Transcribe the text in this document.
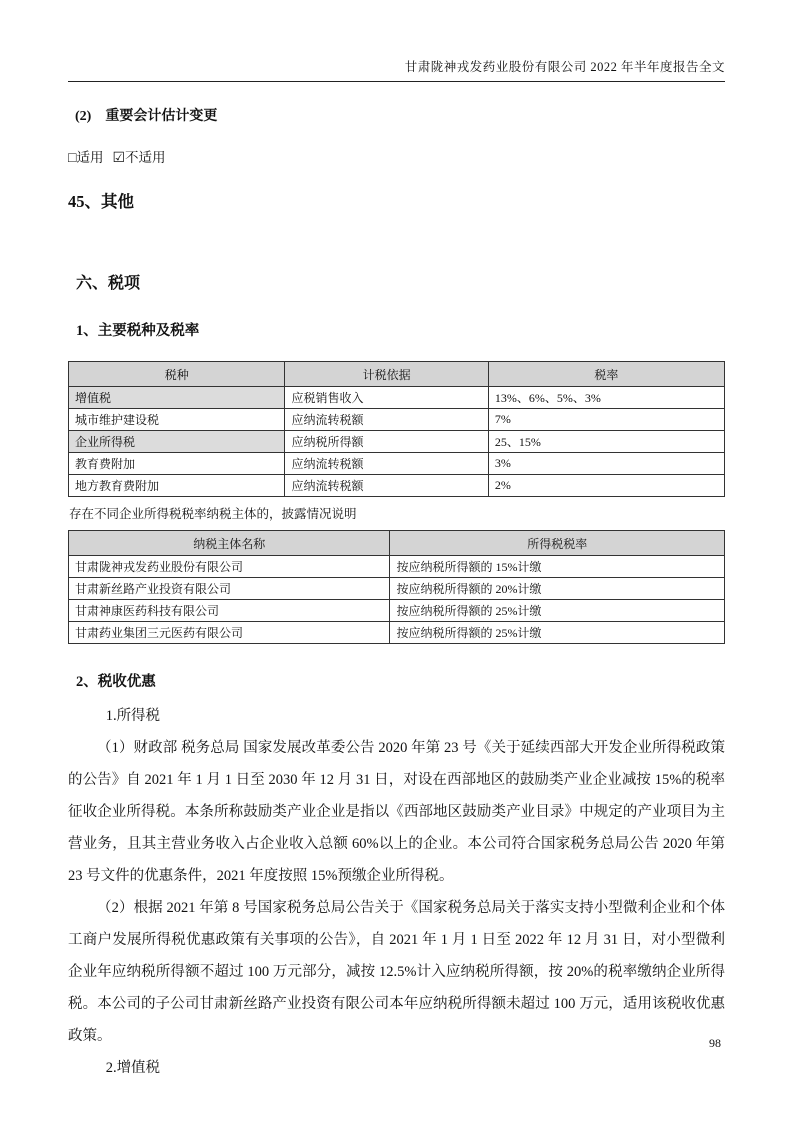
甘肃陇神戎发药业股份有限公司 2022 年半年度报告全文
(2)　重要会计估计变更
□适用 ☑不适用
45、其他
六、税项
1、主要税种及税率
税种	计税依据	税率
增值税	应税销售收入	13%、6%、5%、3%
城市维护建设税	应纳流转税额	7%
企业所得税	应纳税所得额	25、15%
教育费附加	应纳流转税额	3%
地方教育费附加	应纳流转税额	2%
存在不同企业所得税税率纳税主体的，披露情况说明
纳税主体名称	所得税税率
甘肃陇神戎发药业股份有限公司	按应纳税所得额的 15%计缴
甘肃新丝路产业投资有限公司	按应纳税所得额的 20%计缴
甘肃神康医药科技有限公司	按应纳税所得额的 25%计缴
甘肃药业集团三元医药有限公司	按应纳税所得额的 25%计缴
2、税收优惠

1.所得税

（1）财政部 税务总局 国家发展改革委公告 2020 年第 23 号《关于延续西部大开发企业所得税政策的公告》自 2021 年 1 月 1 日至 2030 年 12 月 31 日，对设在西部地区的鼓励类产业企业减按 15%的税率征收企业所得税。本条所称鼓励类产业企业是指以《西部地区鼓励类产业目录》中规定的产业项目为主营业务，且其主营业务收入占企业收入总额 60%以上的企业。本公司符合国家税务总局公告 2020 年第 23 号文件的优惠条件，2021 年度按照 15%预缴企业所得税。

（2）根据 2021 年第 8 号国家税务总局公告关于《国家税务总局关于落实支持小型微利企业和个体工商户发展所得税优惠政策有关事项的公告》，自 2021 年 1 月 1 日至 2022 年 12 月 31 日，对小型微利企业年应纳税所得额不超过 100 万元部分，减按 12.5%计入应纳税所得额，按 20%的税率缴纳企业所得税。本公司的子公司甘肃新丝路产业投资有限公司本年应纳税所得额未超过 100 万元，适用该税收优惠政策。

2.增值税

98
